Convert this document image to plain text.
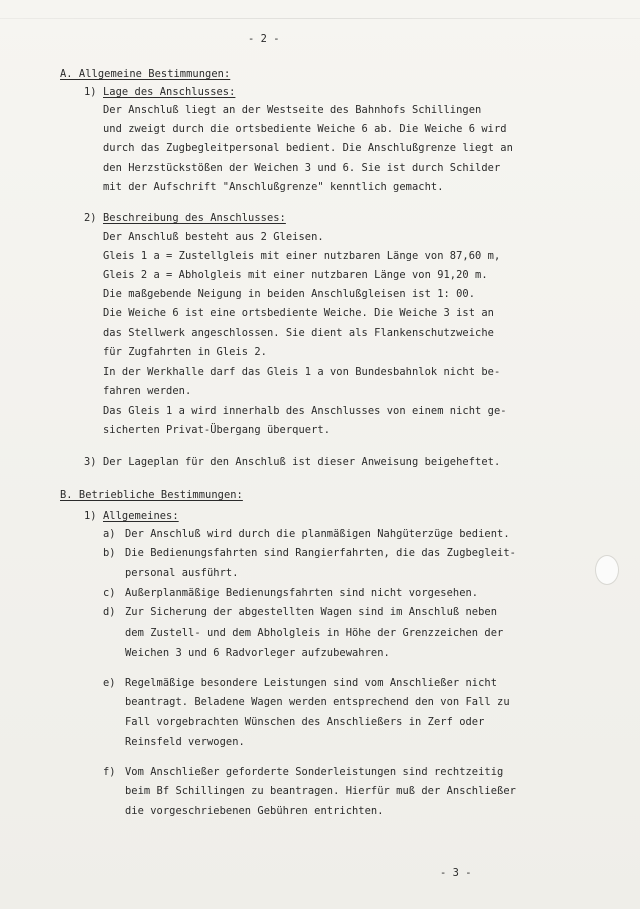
- 2 -

A. Allgemeine Bestimmungen:

1) Lage des Anschlusses:

Der Anschluß liegt an der Westseite des Bahnhofs Schillingen

und zweigt durch die ortsbediente Weiche 6 ab. Die Weiche 6 wird

durch das Zugbegleitpersonal bedient. Die Anschlußgrenze liegt an

den Herzstückstößen der Weichen 3 und 6. Sie ist durch Schilder

mit der Aufschrift "Anschlußgrenze" kenntlich gemacht.

2) Beschreibung des Anschlusses:

Der Anschluß besteht aus 2 Gleisen.

Gleis 1 a = Zustellgleis mit einer nutzbaren Länge von 87,60 m,

Gleis 2 a = Abholgleis mit einer nutzbaren Länge von 91,20 m.

Die maßgebende Neigung in beiden Anschlußgleisen ist 1: 00.

Die Weiche 6 ist eine ortsbediente Weiche. Die Weiche 3 ist an

das Stellwerk angeschlossen. Sie dient als Flankenschutzweiche

für Zugfahrten in Gleis 2.

In der Werkhalle darf das Gleis 1 a von Bundesbahnlok nicht be-

fahren werden.

Das Gleis 1 a wird innerhalb des Anschlusses von einem nicht ge-

sicherten Privat-Übergang überquert.

3) Der Lageplan für den Anschluß ist dieser Anweisung beigeheftet.

B. Betriebliche Bestimmungen:

1) Allgemeines:

a) Der Anschluß wird durch die planmäßigen Nahgüterzüge bedient.

b) Die Bedienungsfahrten sind Rangierfahrten, die das Zugbegleit-

personal ausführt.

c) Außerplanmäßige Bedienungsfahrten sind nicht vorgesehen.

d) Zur Sicherung der abgestellten Wagen sind im Anschluß neben

dem Zustell- und dem Abholgleis in Höhe der Grenzzeichen der

Weichen 3 und 6 Radvorleger aufzubewahren.

e) Regelmäßige besondere Leistungen sind vom Anschließer nicht

beantragt. Beladene Wagen werden entsprechend den von Fall zu

Fall vorgebrachten Wünschen des Anschließers in Zerf oder

Reinsfeld verwogen.

f) Vom Anschließer geforderte Sonderleistungen sind rechtzeitig

beim Bf Schillingen zu beantragen. Hierfür muß der Anschließer

die vorgeschriebenen Gebühren entrichten.

- 3 -
